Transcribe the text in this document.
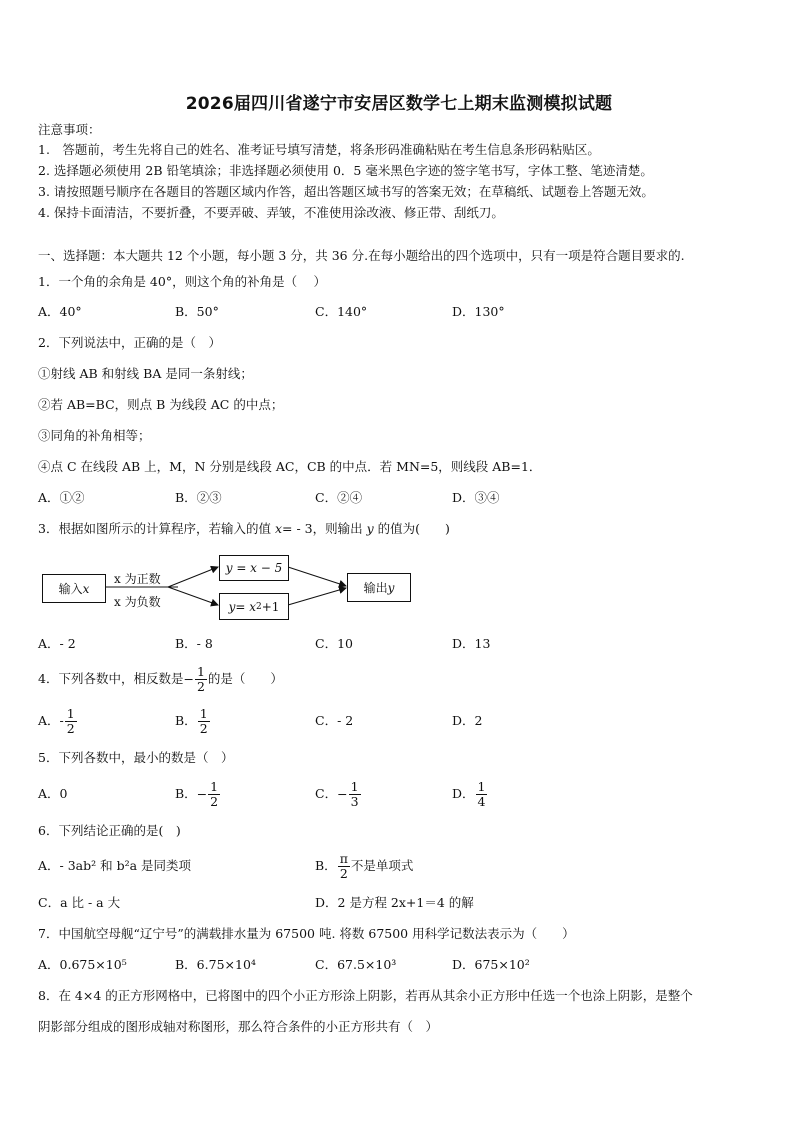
2026届四川省遂宁市安居区数学七上期末监测模拟试题
注意事项：
1.　答题前，考生先将自己的姓名、准考证号填写清楚，将条形码准确粘贴在考生信息条形码粘贴区。
2. 选择题必须使用 2B 铅笔填涂；非选择题必须使用 0．5 毫米黑色字迹的签字笔书写，字体工整、笔迹清楚。
3. 请按照题号顺序在各题目的答题区域内作答，超出答题区域书写的答案无效；在草稿纸、试题卷上答题无效。
4. 保持卡面清洁，不要折叠，不要弄破、弄皱，不准使用涂改液、修正带、刮纸刀。
一、选择题：本大题共 12 个小题，每小题 3 分，共 36 分.在每小题给出的四个选项中，只有一项是符合题目要求的.
1．一个角的余角是 40°，则这个角的补角是（　 ）
A．40°	B．50°	C．140°	D．130°
2．下列说法中，正确的是（　）
①射线 AB 和射线 BA 是同一条射线；
②若 AB=BC，则点 B 为线段 AC 的中点；
③同角的补角相等；
④点 C 在线段 AB 上，M，N 分别是线段 AC，CB 的中点．若 MN=5，则线段 AB=1．
A．①②	B．②③	C．②④	D．③④
3．根据如图所示的计算程序，若输入的值 x= - 3，则输出 y 的值为(　　)
输入 x
x 为正数
x 为负数
y = x − 5
y= x 2 +1
输出 y
A．- 2	B．- 8	C．10	D．13
4．下列各数中，相反数是− $\frac{1}{2}$ 的是（　　）
A．- $\frac{1}{2}$	B． $\frac{1}{2}$	C．- 2	D．2
5．下列各数中，最小的数是（　）
A．0	B．− $\frac{1}{2}$	C．− $\frac{1}{3}$	D． $\frac{1}{4}$
6．下列结论正确的是(　)
A．- 3ab² 和 b²a 是同类项	B． $\frac{\pi}{2}$ 不是单项式
C．a 比 - a 大	D．2 是方程 2x+1＝4 的解
7．中国航空母舰“辽宁号”的满载排水量为 67500 吨. 将数 67500 用科学记数法表示为（　　）
A．0.675×10⁵	B．6.75×10⁴	C．67.5×10³	D．675×10²
8．在 4×4 的正方形网格中，已将图中的四个小正方形涂上阴影，若再从其余小正方形中任选一个也涂上阴影，是整个
阴影部分组成的图形成轴对称图形，那么符合条件的小正方形共有（　）
